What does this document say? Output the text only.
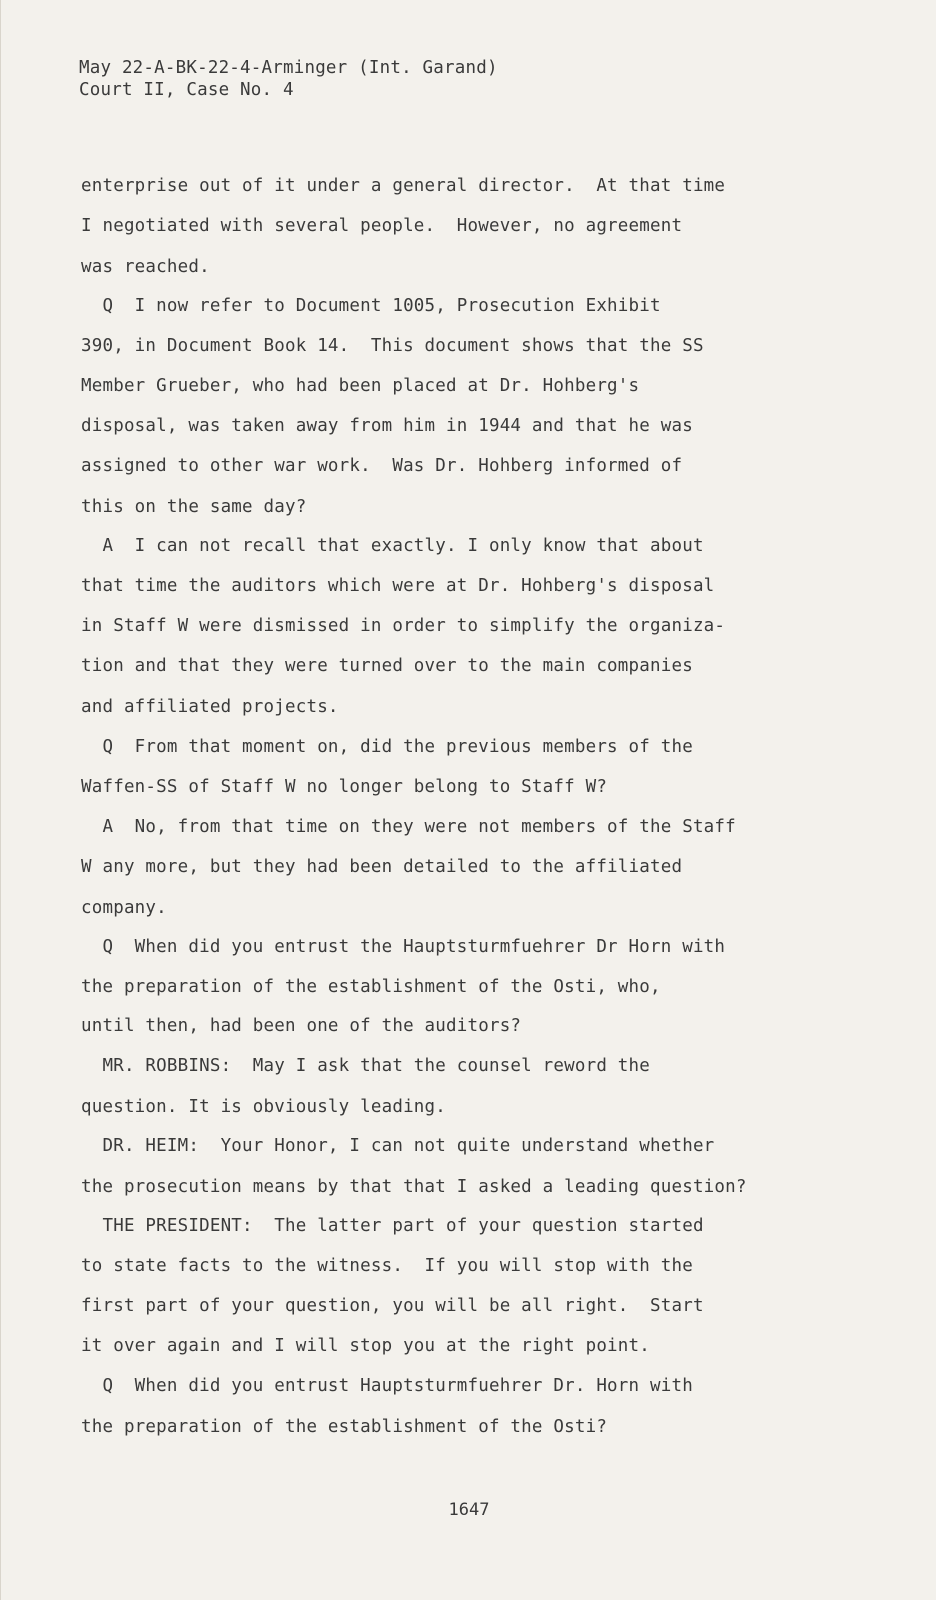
May 22-A-BK-22-4-Arminger (Int. Garand)
Court II, Case No. 4
enterprise out of it under a general director.  At that time
I negotiated with several people.  However, no agreement
was reached.
Q  I now refer to Document 1005, Prosecution Exhibit
390, in Document Book 14.  This document shows that the SS
Member Grueber, who had been placed at Dr. Hohberg's
disposal, was taken away from him in 1944 and that he was
assigned to other war work.  Was Dr. Hohberg informed of
this on the same day?
A  I can not recall that exactly. I only know that about
that time the auditors which were at Dr. Hohberg's disposal
in Staff W were dismissed in order to simplify the organiza-
tion and that they were turned over to the main companies
and affiliated projects.
Q  From that moment on, did the previous members of the
Waffen-SS of Staff W no longer belong to Staff W?
A  No, from that time on they were not members of the Staff
W any more, but they had been detailed to the affiliated
company.
Q  When did you entrust the Hauptsturmfuehrer Dr Horn with
the preparation of the establishment of the Osti, who,
until then, had been one of the auditors?
MR. ROBBINS:  May I ask that the counsel reword the
question. It is obviously leading.
DR. HEIM:  Your Honor, I can not quite understand whether
the prosecution means by that that I asked a leading question?
THE PRESIDENT:  The latter part of your question started
to state facts to the witness.  If you will stop with the
first part of your question, you will be all right.  Start
it over again and I will stop you at the right point.
Q  When did you entrust Hauptsturmfuehrer Dr. Horn with
the preparation of the establishment of the Osti?
1647
